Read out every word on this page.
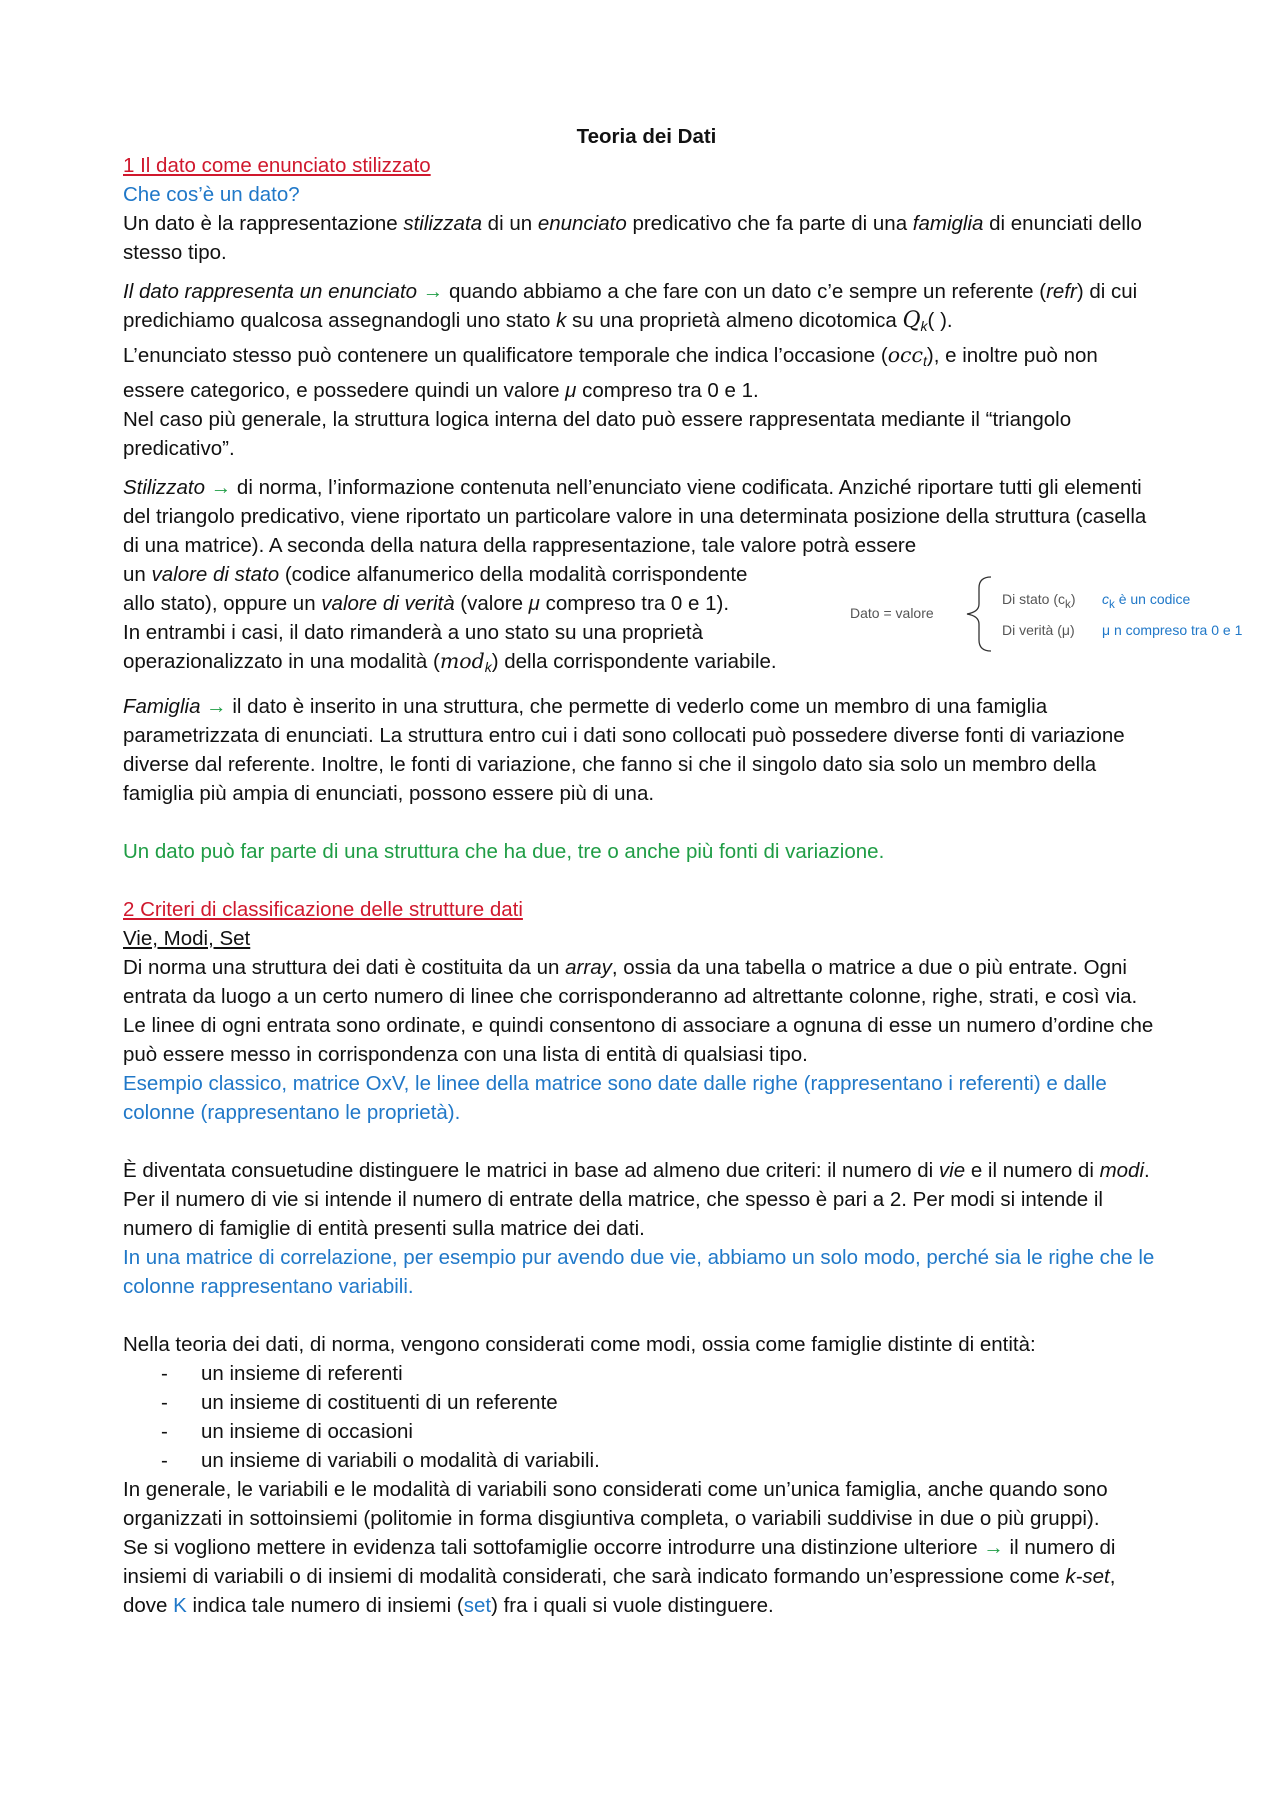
Teoria dei Dati

1 Il dato come enunciato stilizzato

Che cos’è un dato?

Un dato è la rappresentazione stilizzata di un enunciato predicativo che fa parte di una famiglia di enunciati dello stesso tipo.

Il dato rappresenta un enunciato → quando abbiamo a che fare con un dato c’e sempre un referente (refr) di cui predichiamo qualcosa assegnandogli uno stato k su una proprietà almeno dicotomica $Q_k$( ).

L’enunciato stesso può contenere un qualificatore temporale che indica l’occasione (occ$_t$), e inoltre può non essere categorico, e possedere quindi un valore μ compreso tra 0 e 1.

Nel caso più generale, la struttura logica interna del dato può essere rappresentata mediante il “triangolo predicativo”.

Stilizzato → di norma, l’informazione contenuta nell’enunciato viene codificata. Anziché riportare tutti gli elementi del triangolo predicativo, viene riportato un particolare valore in una determinata posizione della struttura (casella di una matrice). A seconda della natura della rappresentazione, tale valore potrà essere

un valore di stato (codice alfanumerico della modalità corrispondente

allo stato), oppure un valore di verità (valore μ compreso tra 0 e 1).

In entrambi i casi, il dato rimanderà a uno stato su una proprietà

operazionalizzato in una modalità (mod$_k$) della corrispondente variabile.

Famiglia → il dato è inserito in una struttura, che permette di vederlo come un membro di una famiglia parametrizzata di enunciati. La struttura entro cui i dati sono collocati può possedere diverse fonti di variazione diverse dal referente. Inoltre, le fonti di variazione, che fanno si che il singolo dato sia solo un membro della famiglia più ampia di enunciati, possono essere più di una.

Un dato può far parte di una struttura che ha due, tre o anche più fonti di variazione.

2 Criteri di classificazione delle strutture dati

Vie, Modi, Set

Di norma una struttura dei dati è costituita da un array, ossia da una tabella o matrice a due o più entrate. Ogni entrata da luogo a un certo numero di linee che corrisponderanno ad altrettante colonne, righe, strati, e così via. Le linee di ogni entrata sono ordinate, e quindi consentono di associare a ognuna di esse un numero d’ordine che può essere messo in corrispondenza con una lista di entità di qualsiasi tipo.

Esempio classico, matrice OxV, le linee della matrice sono date dalle righe (rappresentano i referenti) e dalle colonne (rappresentano le proprietà).

È diventata consuetudine distinguere le matrici in base ad almeno due criteri: il numero di vie e il numero di modi. Per il numero di vie si intende il numero di entrate della matrice, che spesso è pari a 2. Per modi si intende il numero di famiglie di entità presenti sulla matrice dei dati.

In una matrice di correlazione, per esempio pur avendo due vie, abbiamo un solo modo, perché sia le righe che le colonne rappresentano variabili.

Nella teoria dei dati, di norma, vengono considerati come modi, ossia come famiglie distinte di entità:

- un insieme di referenti
- un insieme di costituenti di un referente
- un insieme di occasioni
- un insieme di variabili o modalità di variabili.

In generale, le variabili e le modalità di variabili sono considerati come un’unica famiglia, anche quando sono organizzati in sottoinsiemi (politomie in forma disgiuntiva completa, o variabili suddivise in due o più gruppi).

Se si vogliono mettere in evidenza tali sottofamiglie occorre introdurre una distinzione ulteriore → il numero di insiemi di variabili o di insiemi di modalità considerati, che sarà indicato formando un’espressione come k-set, dove K indica tale numero di insiemi (set) fra i quali si vuole distinguere.

Dato = valore
Di stato $(c_k)$
Di verità (μ)
$c_k$ è un codice
μ n compreso tra 0 e 1
